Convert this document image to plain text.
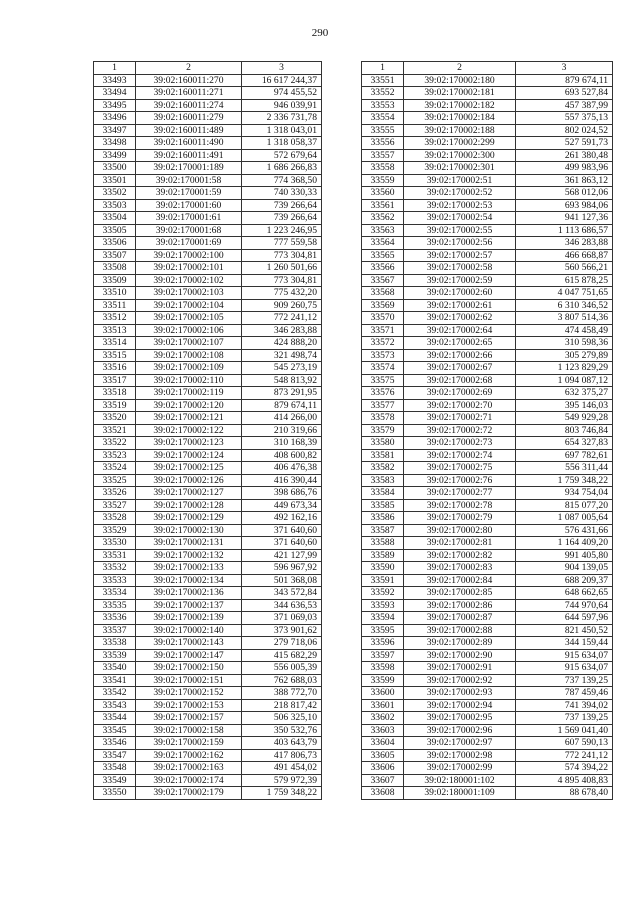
290
1	2	3
33493	39:02:160011:270	16 617 244,37
33494	39:02:160011:271	974 455,52
33495	39:02:160011:274	946 039,91
33496	39:02:160011:279	2 336 731,78
33497	39:02:160011:489	1 318 043,01
33498	39:02:160011:490	1 318 058,37
33499	39:02:160011:491	572 679,64
33500	39:02:170001:189	1 686 266,83
33501	39:02:170001:58	774 368,50
33502	39:02:170001:59	740 330,33
33503	39:02:170001:60	739 266,64
33504	39:02:170001:61	739 266,64
33505	39:02:170001:68	1 223 246,95
33506	39:02:170001:69	777 559,58
33507	39:02:170002:100	773 304,81
33508	39:02:170002:101	1 260 501,66
33509	39:02:170002:102	773 304,81
33510	39:02:170002:103	775 432,20
33511	39:02:170002:104	909 260,75
33512	39:02:170002:105	772 241,12
33513	39:02:170002:106	346 283,88
33514	39:02:170002:107	424 888,20
33515	39:02:170002:108	321 498,74
33516	39:02:170002:109	545 273,19
33517	39:02:170002:110	548 813,92
33518	39:02:170002:119	873 291,95
33519	39:02:170002:120	879 674,11
33520	39:02:170002:121	414 266,00
33521	39:02:170002:122	210 319,66
33522	39:02:170002:123	310 168,39
33523	39:02:170002:124	408 600,82
33524	39:02:170002:125	406 476,38
33525	39:02:170002:126	416 390,44
33526	39:02:170002:127	398 686,76
33527	39:02:170002:128	449 673,34
33528	39:02:170002:129	492 162,16
33529	39:02:170002:130	371 640,60
33530	39:02:170002:131	371 640,60
33531	39:02:170002:132	421 127,99
33532	39:02:170002:133	596 967,92
33533	39:02:170002:134	501 368,08
33534	39:02:170002:136	343 572,84
33535	39:02:170002:137	344 636,53
33536	39:02:170002:139	371 069,03
33537	39:02:170002:140	373 901,62
33538	39:02:170002:143	279 718,06
33539	39:02:170002:147	415 682,29
33540	39:02:170002:150	556 005,39
33541	39:02:170002:151	762 688,03
33542	39:02:170002:152	388 772,70
33543	39:02:170002:153	218 817,42
33544	39:02:170002:157	506 325,10
33545	39:02:170002:158	350 532,76
33546	39:02:170002:159	403 643,79
33547	39:02:170002:162	417 806,73
33548	39:02:170002:163	491 454,02
33549	39:02:170002:174	579 972,39
33550	39:02:170002:179	1 759 348,22
1	2	3
33551	39:02:170002:180	879 674,11
33552	39:02:170002:181	693 527,84
33553	39:02:170002:182	457 387,99
33554	39:02:170002:184	557 375,13
33555	39:02:170002:188	802 024,52
33556	39:02:170002:299	527 591,73
33557	39:02:170002:300	261 380,48
33558	39:02:170002:301	499 983,96
33559	39:02:170002:51	361 863,12
33560	39:02:170002:52	568 012,06
33561	39:02:170002:53	693 984,06
33562	39:02:170002:54	941 127,36
33563	39:02:170002:55	1 113 686,57
33564	39:02:170002:56	346 283,88
33565	39:02:170002:57	466 668,87
33566	39:02:170002:58	560 566,21
33567	39:02:170002:59	615 878,25
33568	39:02:170002:60	4 047 751,65
33569	39:02:170002:61	6 310 346,52
33570	39:02:170002:62	3 807 514,36
33571	39:02:170002:64	474 458,49
33572	39:02:170002:65	310 598,36
33573	39:02:170002:66	305 279,89
33574	39:02:170002:67	1 123 829,29
33575	39:02:170002:68	1 094 087,12
33576	39:02:170002:69	632 375,27
33577	39:02:170002:70	395 146,03
33578	39:02:170002:71	549 929,28
33579	39:02:170002:72	803 746,84
33580	39:02:170002:73	654 327,83
33581	39:02:170002:74	697 782,61
33582	39:02:170002:75	556 311,44
33583	39:02:170002:76	1 759 348,22
33584	39:02:170002:77	934 754,04
33585	39:02:170002:78	815 077,20
33586	39:02:170002:79	1 087 005,64
33587	39:02:170002:80	576 431,66
33588	39:02:170002:81	1 164 409,20
33589	39:02:170002:82	991 405,80
33590	39:02:170002:83	904 139,05
33591	39:02:170002:84	688 209,37
33592	39:02:170002:85	648 662,65
33593	39:02:170002:86	744 970,64
33594	39:02:170002:87	644 597,96
33595	39:02:170002:88	821 450,52
33596	39:02:170002:89	344 159,44
33597	39:02:170002:90	915 634,07
33598	39:02:170002:91	915 634,07
33599	39:02:170002:92	737 139,25
33600	39:02:170002:93	787 459,46
33601	39:02:170002:94	741 394,02
33602	39:02:170002:95	737 139,25
33603	39:02:170002:96	1 569 041,40
33604	39:02:170002:97	607 590,13
33605	39:02:170002:98	772 241,12
33606	39:02:170002:99	574 394,22
33607	39:02:180001:102	4 895 408,83
33608	39:02:180001:109	88 678,40
